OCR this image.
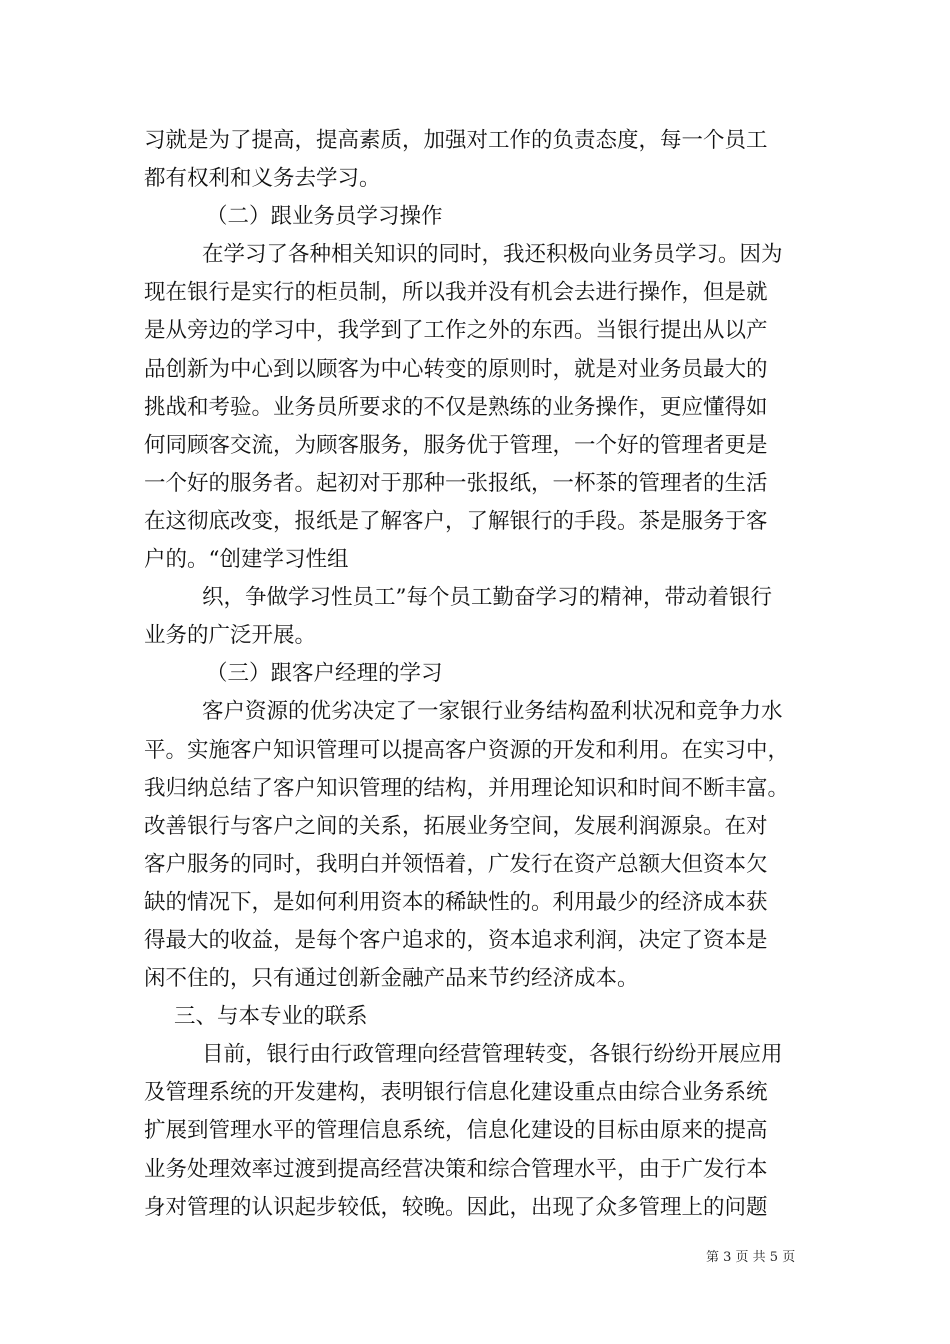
习就是为了提高，提高素质，加强对工作的负责态度，每一个员工
都有权利和义务去学习。
（二）跟业务员学习操作
在学习了各种相关知识的同时，我还积极向业务员学习。因为
现在银行是实行的柜员制，所以我并没有机会去进行操作，但是就
是从旁边的学习中，我学到了工作之外的东西。当银行提出从以产
品创新为中心到以顾客为中心转变的原则时，就是对业务员最大的
挑战和考验。业务员所要求的不仅是熟练的业务操作，更应懂得如
何同顾客交流，为顾客服务，服务优于管理，一个好的管理者更是
一个好的服务者。起初对于那种一张报纸，一杯茶的管理者的生活
在这彻底改变，报纸是了解客户，了解银行的手段。茶是服务于客
户的。“创建学习性组
织，争做学习性员工”每个员工勤奋学习的精神，带动着银行
业务的广泛开展。
（三）跟客户经理的学习
客户资源的优劣决定了一家银行业务结构盈利状况和竞争力水
平。实施客户知识管理可以提高客户资源的开发和利用。在实习中，
我归纳总结了客户知识管理的结构，并用理论知识和时间不断丰富。
改善银行与客户之间的关系，拓展业务空间，发展利润源泉。在对
客户服务的同时，我明白并领悟着，广发行在资产总额大但资本欠
缺的情况下，是如何利用资本的稀缺性的。利用最少的经济成本获
得最大的收益，是每个客户追求的，资本追求利润，决定了资本是
闲不住的，只有通过创新金融产品来节约经济成本。
三、与本专业的联系
目前，银行由行政管理向经营管理转变，各银行纷纷开展应用
及管理系统的开发建构，表明银行信息化建设重点由综合业务系统
扩展到管理水平的管理信息系统，信息化建设的目标由原来的提高
业务处理效率过渡到提高经营决策和综合管理水平，由于广发行本
身对管理的认识起步较低，较晚。因此，出现了众多管理上的问题
第 3 页 共 5 页
